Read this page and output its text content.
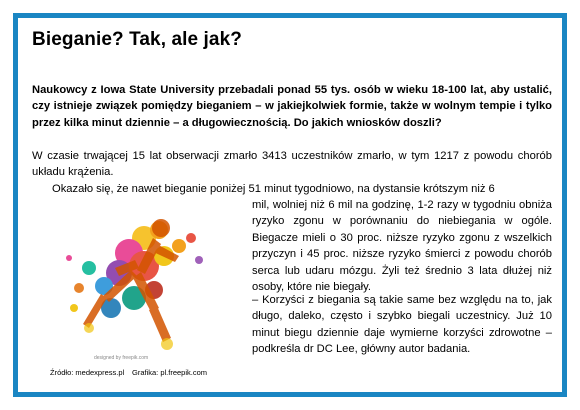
Bieganie? Tak, ale jak?
Naukowcy z Iowa State University przebadali ponad 55 tys. osób w wieku 18-100 lat, aby ustalić, czy istnieje związek pomiędzy bieganiem – w jakiejkolwiek formie, także w wolnym tempie i tylko przez kilka minut dziennie – a długowiecznością. Do jakich wniosków doszli?
W czasie trwającej 15 lat obserwacji zmarło 3413 uczestników zmarło, w tym 1217 z powodu chorób układu krążenia.
Okazało się, że nawet bieganie poniżej 51 minut tygodniowo, na dystansie krótszym niż 6
mil, wolniej niż 6 mil na godzinę, 1-2 razy w tygodniu obniża ryzyko zgonu w porównaniu do niebiegania w ogóle. Biegacze mieli o 30 proc. niższe ryzyko zgonu z wszelkich przyczyn i 45 proc. niższe ryzyko śmierci z powodu chorób serca lub udaru mózgu. Żyli też średnio 3 lata dłużej niż osoby, które nie biegały.
– Korzyści z biegania są takie same bez względu na to, jak długo, daleko, często i szybko biegali uczestnicy. Już 10 minut biegu dziennie daje wymierne korzyści zdrowotne – podkreśla dr DC Lee, główny autor badania.
designed by freepik.com
Źródło: medexpress.pl Grafika: pl.freepik.com
